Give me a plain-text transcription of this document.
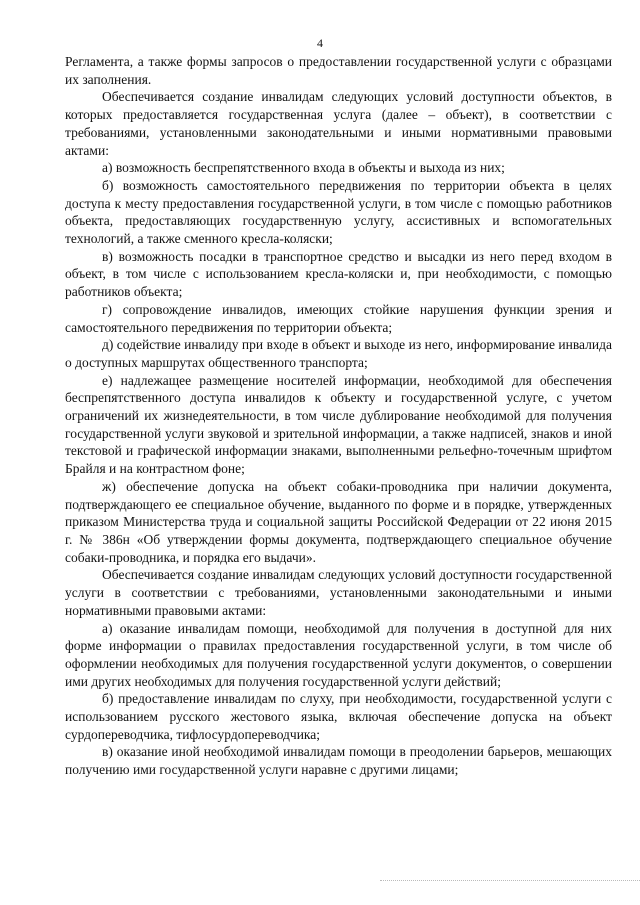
4

Регламента, а также формы запросов о предоставлении государственной услуги с образцами их заполнения.

Обеспечивается создание инвалидам следующих условий доступности объектов, в которых предоставляется государственная услуга (далее – объект), в соответствии с требованиями, установленными законодательными и иными нормативными правовыми актами:

а) возможность беспрепятственного входа в объекты и выхода из них;

б) возможность самостоятельного передвижения по территории объекта в целях доступа к месту предоставления государственной услуги, в том числе с помощью работников объекта, предоставляющих государственную услугу, ассистивных и вспомогательных технологий, а также сменного кресла-коляски;

в) возможность посадки в транспортное средство и высадки из него перед входом в объект, в том числе с использованием кресла-коляски и, при необходимости, с помощью работников объекта;

г) сопровождение инвалидов, имеющих стойкие нарушения функции зрения и самостоятельного передвижения по территории объекта;

д) содействие инвалиду при входе в объект и выходе из него, информирование инвалида о доступных маршрутах общественного транспорта;

е) надлежащее размещение носителей информации, необходимой для обеспечения беспрепятственного доступа инвалидов к объекту и государственной услуге, с учетом ограничений их жизнедеятельности, в том числе дублирование необходимой для получения государственной услуги звуковой и зрительной информации, а также надписей, знаков и иной текстовой и графической информации знаками, выполненными рельефно-точечным шрифтом Брайля и на контрастном фоне;

ж) обеспечение допуска на объект собаки-проводника при наличии документа, подтверждающего ее специальное обучение, выданного по форме и в порядке, утвержденных приказом Министерства труда и социальной защиты Российской Федерации от 22 июня 2015 г. № 386н «Об утверждении формы документа, подтверждающего специальное обучение собаки-проводника, и порядка его выдачи».

Обеспечивается создание инвалидам следующих условий доступности государственной услуги в соответствии с требованиями, установленными законодательными и иными нормативными правовыми актами:

а) оказание инвалидам помощи, необходимой для получения в доступной для них форме информации о правилах предоставления государственной услуги, в том числе об оформлении необходимых для получения государственной услуги документов, о совершении ими других необходимых для получения государственной услуги действий;

б) предоставление инвалидам по слуху, при необходимости, государственной услуги с использованием русского жестового языка, включая обеспечение допуска на объект сурдопереводчика, тифлосурдопереводчика;

в) оказание иной необходимой инвалидам помощи в преодолении барьеров, мешающих получению ими государственной услуги наравне с другими лицами;
